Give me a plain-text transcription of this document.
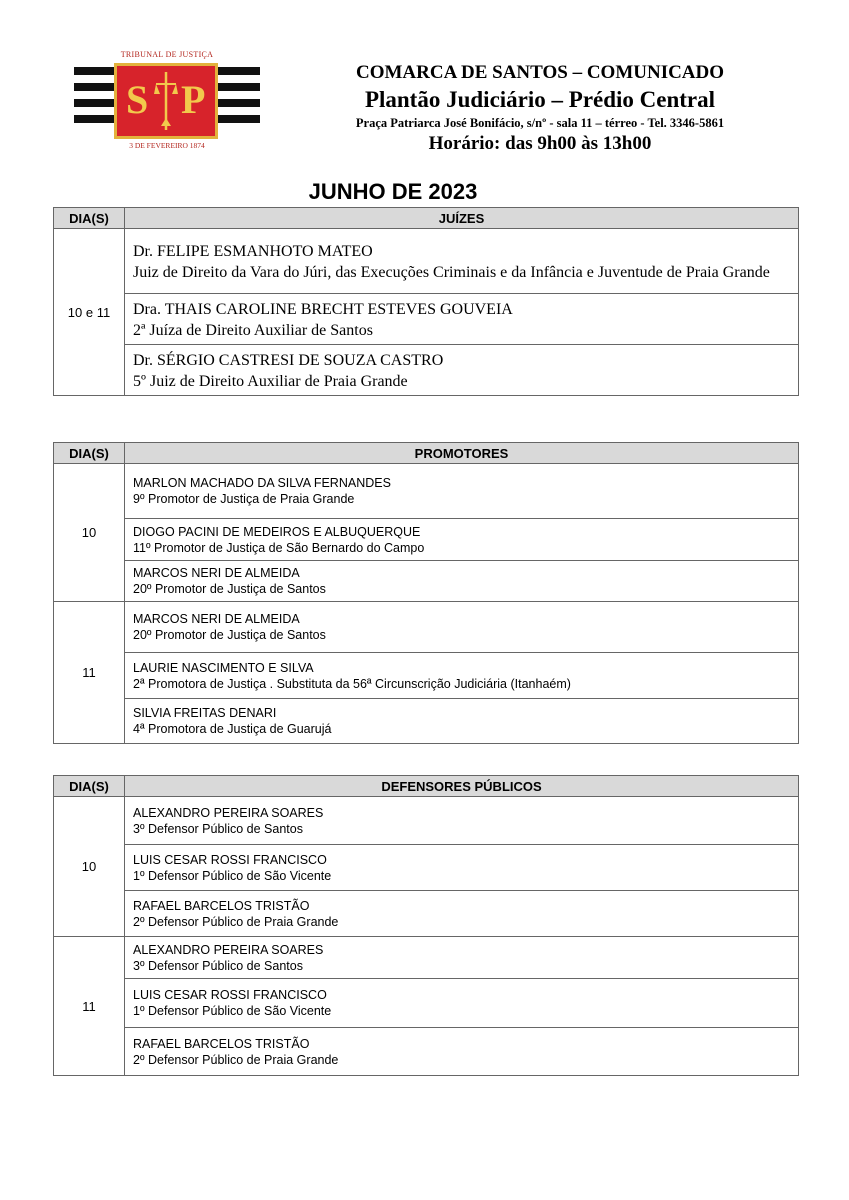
TRIBUNAL DE JUSTIÇA
S P
3 DE FEVEREIRO 1874
COMARCA DE SANTOS – COMUNICADO
Plantão Judiciário – Prédio Central
Praça Patriarca José Bonifácio, s/nº - sala 11 – térreo - Tel. 3346-5861
Horário: das 9h00 às 13h00
JUNHO DE 2023
DIA(S)	JUÍZES
10 e 11	Dr. FELIPE ESMANHOTO MATEO
Juiz de Direito da Vara do Júri, das Execuções Criminais e da Infância e Juventude de Praia Grande

	Dra. THAIS CAROLINE BRECHT ESTEVES GOUVEIA
2ª Juíza de Direito Auxiliar de Santos

	Dr. SÉRGIO CASTRESI DE SOUZA CASTRO
5º Juiz de Direito Auxiliar de Praia Grande
DIA(S)	PROMOTORES
10	MARLON MACHADO DA SILVA FERNANDES
9º Promotor de Justiça de Praia Grande

	DIOGO PACINI DE MEDEIROS E ALBUQUERQUE
11º Promotor de Justiça de São Bernardo do Campo

	MARCOS NERI DE ALMEIDA
20º Promotor de Justiça de Santos

11	MARCOS NERI DE ALMEIDA
20º Promotor de Justiça de Santos

	LAURIE NASCIMENTO E SILVA
2ª Promotora de Justiça . Substituta da 56ª Circunscrição Judiciária (Itanhaém)

	SILVIA FREITAS DENARI
4ª Promotora de Justiça de Guarujá
DIA(S)	DEFENSORES PÚBLICOS
10	ALEXANDRO PEREIRA SOARES
3º Defensor Público de Santos

	LUIS CESAR ROSSI FRANCISCO
1º Defensor Público de São Vicente

	RAFAEL BARCELOS TRISTÃO
2º Defensor Público de Praia Grande

11	ALEXANDRO PEREIRA SOARES
3º Defensor Público de Santos

	LUIS CESAR ROSSI FRANCISCO
1º Defensor Público de São Vicente

	RAFAEL BARCELOS TRISTÃO
2º Defensor Público de Praia Grande
